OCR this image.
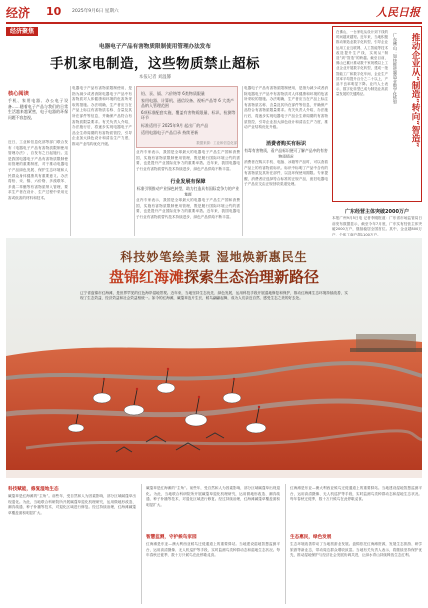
经济 10 2025年9月6日 星期六	人民日报
经济聚焦
电器电子产品有害物质限制使用管理办法发布
手机家电制造，这些物质禁止超标
本报记者 刘温馨
核心阅读
手机、家用电器、办公电子设备……随着电子产品与我们的日常生活越来越紧密，电子电器的环保问题不容忽视。
近日，工业和信息化部等部门联合发布《电器电子产品有害物质限制使用管理办法》，自发布之日起施行。这是我国电器电子产品有害物质限制使用管理的重要制度，对于推动电器电子产品绿色发展、保护生态环境和人民群众身体健康具有重要意义。办法将铅、汞、镉、六价铬、多溴联苯、多溴二苯醚等有害物质纳入管理，要求生产者在设计、生产过程中采用无害或低害的材料和技术。
电器电子产品有害物质限制使用，是指为减少或者消除电器电子产品中有害物质对人体健康和环境的危害所采取的措施。办法明确，生产者应当在产品上标注有害物质名称、含量及其所在部件等信息，并确保产品符合有害物质限量要求。有关负责人介绍，办法施行后，将逐步实现电器电子产品全生命周期的有害物质管控，引导企业加大绿色设计和清洁生产力度，推动产业结构优化升级。
铅、汞、镉、六价铬等 6类物质限量
家用电器、计算机、通信设备、视听产品等 6 大类产品纳入管理范围
6项标准配套实施，覆盖有害物质限量、标识、检测等环节
标准适用于 2025年9月 起出厂的产品
适用电器电子产品目录 持续更新
数据来源：工业和信息化部
行业发展有保障
标准引领推动产业绿色转型，助力打造具有国际竞争力的产业集群
业内专家表示，我国是全球最大的电器电子产品生产国和消费国，实施有害物质限制使用管理，既是履行国际环境公约的需要，也是提升产业国际竞争力的重要举措。近年来，我国电器电子行业有害物质替代技术持续进步，绿色产品供给不断丰富。
业内专家表示，我国是全球最大的电器电子产品生产国和消费国，实施有害物质限制使用管理，既是履行国际环境公约的需要，也是提升产业国际竞争力的重要举措。近年来，我国电器电子行业有害物质替代技术持续进步，绿色产品供给不断丰富。
消费者购买有标识
有毒有害物质，看产品标识便可了解产品中的有害物质情况
电器电子产品有害物质限制使用，是指为减少或者消除电器电子产品中有害物质对人体健康和环境的危害所采取的措施。办法明确，生产者应当在产品上标注有害物质名称、含量及其所在部件等信息，并确保产品符合有害物质限量要求。有关负责人介绍，办法施行后，将逐步实现电器电子产品全生命周期的有害物质管控，引导企业加大绿色设计和清洁生产力度，推动产业结构优化升级。
消费者在购买手机、电脑、冰箱等产品时，可以查看产品上的有害物质标识。标识中标明了产品中含有的有害物质及其所在部件，以及环保使用期限。专家提醒，消费者应选择符合标准的正规产品，废旧电器电子产品应交由正规回收渠道处理。
在佛山，一台家电从设计到下线的时间越来越短。近年来，当地积极推动制造业数字化转型，引导企业运用工业互联网、人工智能等技术改造提升生产线，实现从“制造”到“智造”的跨越。截至目前，佛山已累计推动数千家规模以上工业企业开展数字化转型，建成一批智能工厂和数字化车间，企业生产效率平均提升百分之二十以上，产品不良率明显下降。业内人士表示，数字化转型已成为制造业高质量发展的关键路径。	推动企业从“制造”转向“智造”
广东佛山：加快推进制造业数字化转型
广东经营主体突破2000万户
本报广州9月5日电 记者李刚报道：广东省市场监管局日前发布数据显示，截至今年7月底，广东实有经营主体突破2000万户，继续稳居全国首位。其中，企业超800万户，个体工商户超1100万户。
科技妙笔绘美景 湿地焕新惠民生
盘锦红海滩探索生态治理新路径
辽宁省盘锦市红海滩，是世界罕见的红色海岸湿地景观。近年来，当地坚持生态优先、绿色发展，运用科技手段开展湿地修复和保护，推动红海滩生态环境持续改善，实现了生态效益、经济效益和社会效益相统一。如今的红海滩，碱蓬草连片生长，候鸟翩翩起舞，成为人们亲近自然、感受生态之美的好去处。
科技赋能，修复湿地生态
碱蓬草是红海滩的“主角”。前些年，受自然和人为因素影响，部分区域碱蓬草出现退化。为此，当地联合科研院所开展碱蓬草退化机理研究，运用微地形改造、潮沟疏通、种子补播等技术，对退化区域进行修复。经过持续治理，红海滩碱蓬草覆盖面积明显扩大。
智慧监测，守护候鸟家园
碱蓬草是红海滩的“主角”。前些年，受自然和人为因素影响，部分区域碱蓬草出现退化。为此，当地联合科研院所开展碱蓬草退化机理研究，运用微地形改造、潮沟疏通、种子补播等技术，对退化区域进行修复。经过持续治理，红海滩碱蓬草覆盖面积明显扩大。
红海滩是东亚—澳大利西亚候鸟迁徙通道上的重要驿站。当地建设湿地智慧监测平台，运用高清摄像、无人机巡护等手段，实时监测鸟类种群动态和湿地生态状况。每年春秋迁徙季，数十万只候鸟在此停歇觅食。
生态惠民，绿色发展
红海滩是东亚—澳大利西亚候鸟迁徙通道上的重要驿站。当地建设湿地智慧监测平台，运用高清摄像、无人机巡护等手段，实时监测鸟类种群动态和湿地生态状况。每年春秋迁徙季，数十万只候鸟在此停歇觅食。
生态环境改善带动了当地旅游业发展。盘锦依托红海滩资源，发展生态旅游、研学旅游等新业态，带动周边群众增收致富。当地有关负责人表示，将继续坚持保护优先，推动湿地保护与经济社会发展协调共进，让绿水青山持续释放生态红利。
